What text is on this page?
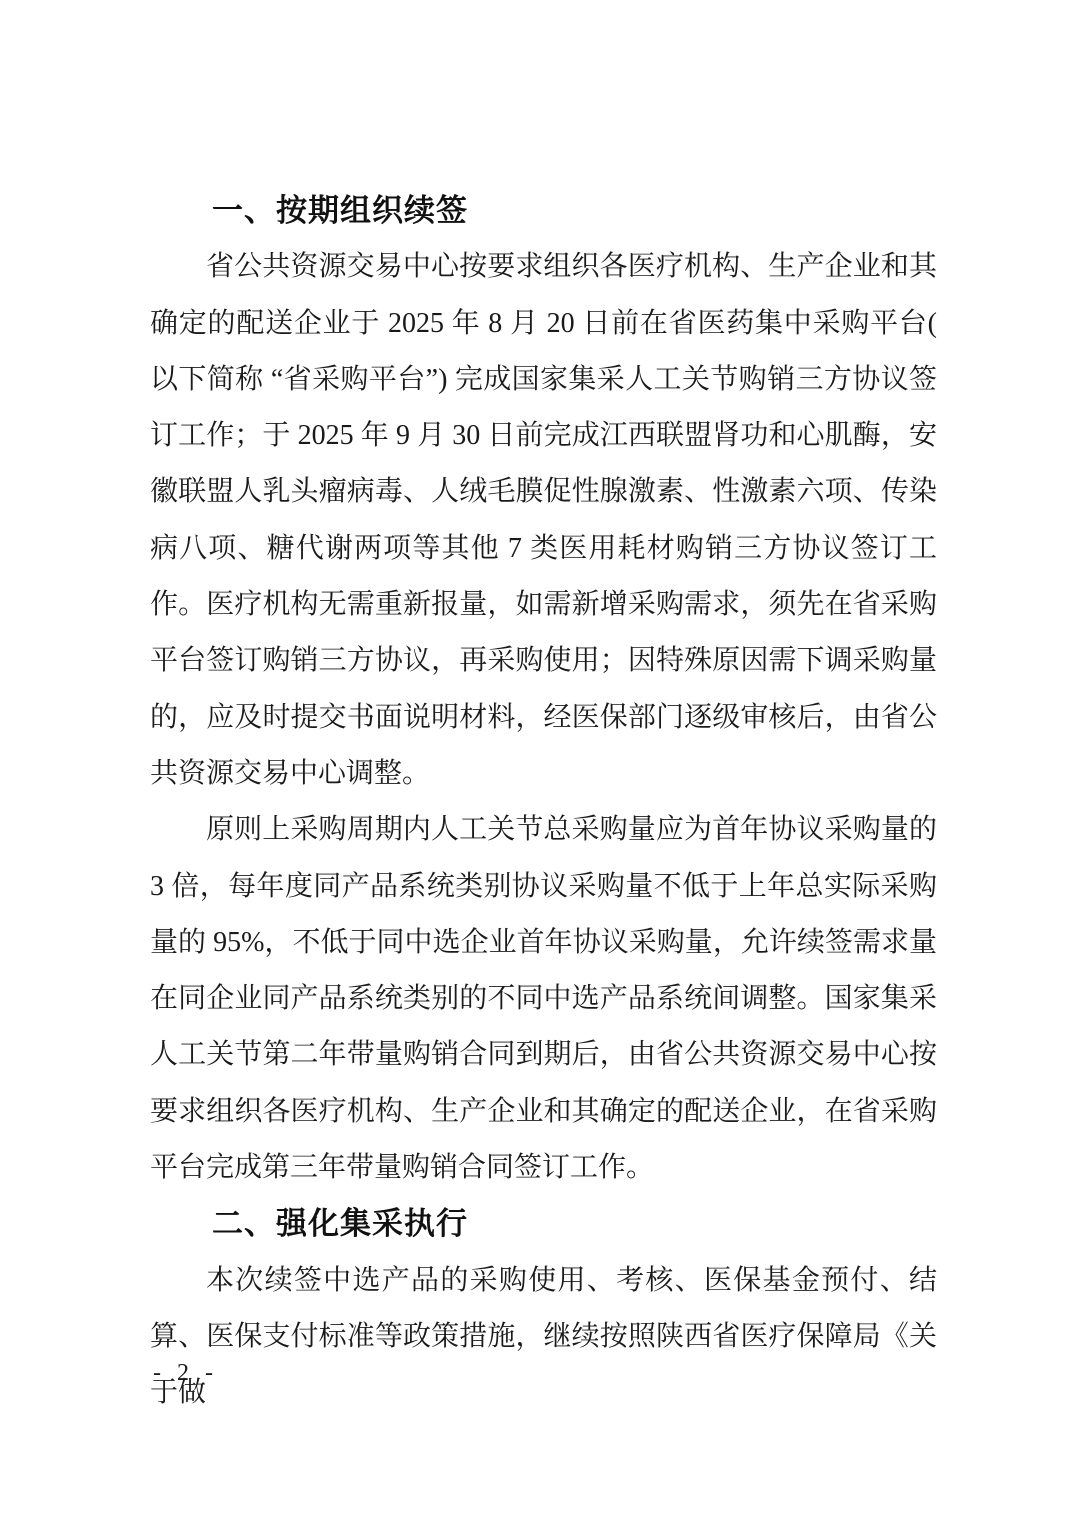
一、按期组织续签

省公共资源交易中心按要求组织各医疗机构、生产企业和其确定的配送企业于 2025 年 8 月 20 日前在省医药集中采购平台( 以下简称 “省采购平台”) 完成国家集采人工关节购销三方协议签订工作；于 2025 年 9 月 30 日前完成江西联盟肾功和心肌酶，安徽联盟人乳头瘤病毒、人绒毛膜促性腺激素、性激素六项、传染病八项、糖代谢两项等其他 7 类医用耗材购销三方协议签订工作。医疗机构无需重新报量，如需新增采购需求，须先在省采购平台签订购销三方协议，再采购使用；因特殊原因需下调采购量的，应及时提交书面说明材料，经医保部门逐级审核后，由省公共资源交易中心调整。

原则上采购周期内人工关节总采购量应为首年协议采购量的 3 倍，每年度同产品系统类别协议采购量不低于上年总实际采购量的 95%，不低于同中选企业首年协议采购量，允许续签需求量在同企业同产品系统类别的不同中选产品系统间调整。国家集采人工关节第二年带量购销合同到期后，由省公共资源交易中心按要求组织各医疗机构、生产企业和其确定的配送企业，在省采购平台完成第三年带量购销合同签订工作。

二、强化集采执行

本次续签中选产品的采购使用、考核、医保基金预付、结算、医保支付标准等政策措施，继续按照陕西省医疗保障局《关于做

- 2 -
